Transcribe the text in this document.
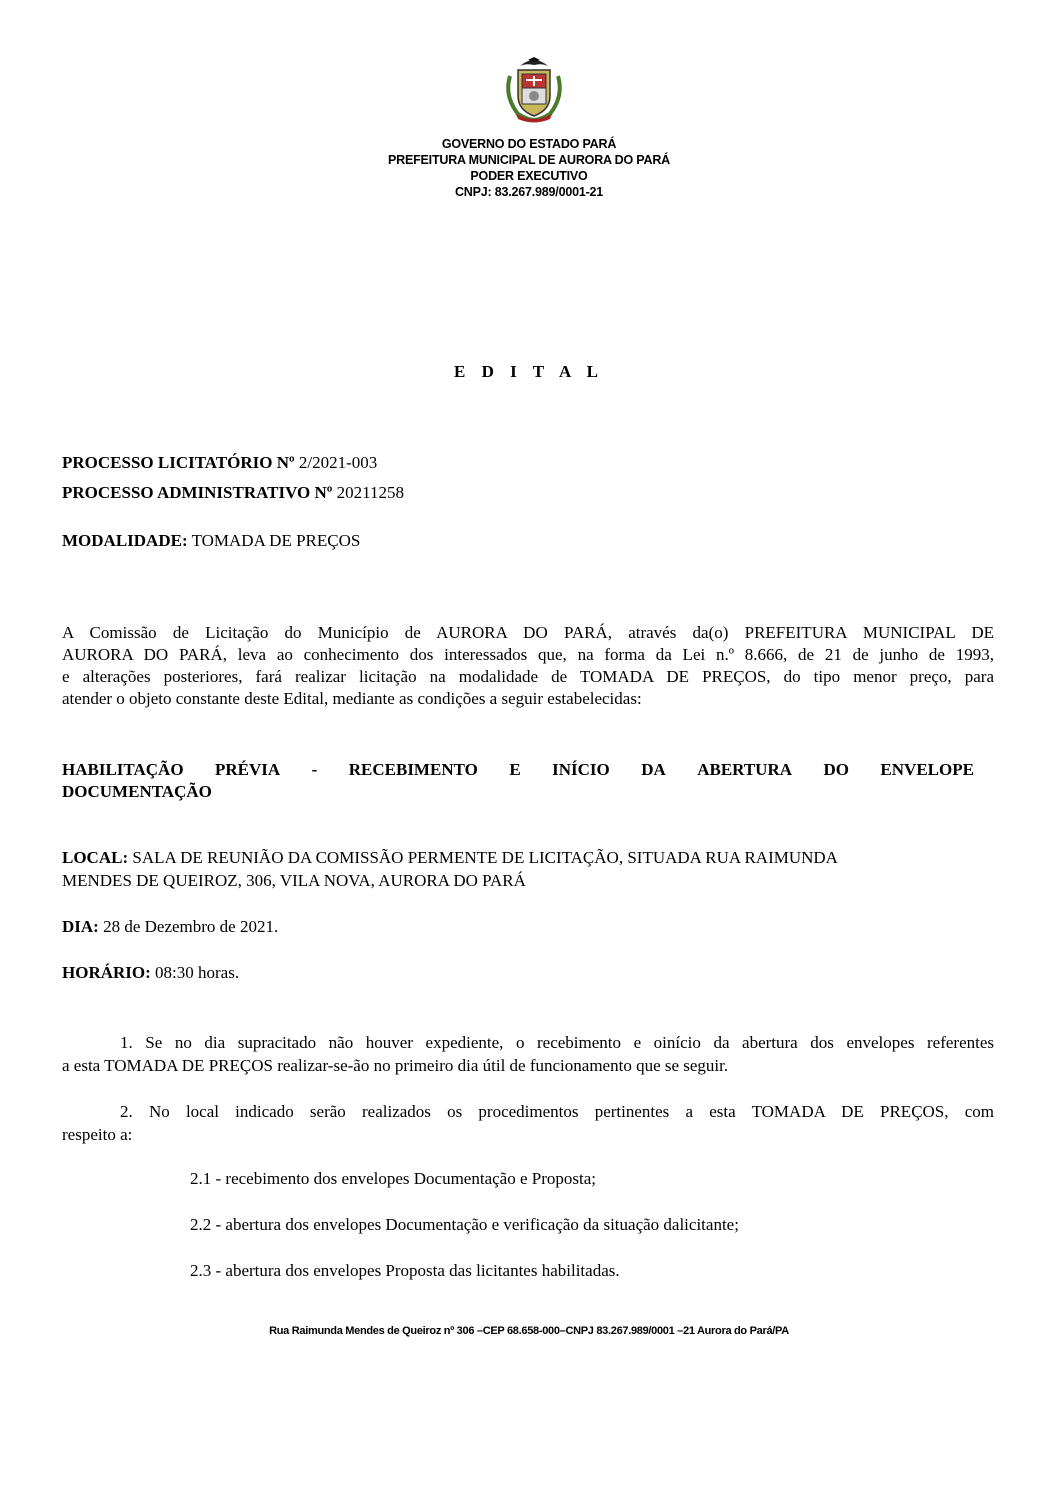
GOVERNO DO ESTADO PARÁ
PREFEITURA MUNICIPAL DE AURORA DO PARÁ
PODER EXECUTIVO
CNPJ: 83.267.989/0001-21
E D I T A L
PROCESSO LICITATÓRIO Nº 2/2021-003
PROCESSO ADMINISTRATIVO Nº 20211258
MODALIDADE: TOMADA DE PREÇOS
A Comissão de Licitação do Município de AURORA DO PARÁ, através da(o) PREFEITURA MUNICIPAL DE
AURORA DO PARÁ, leva ao conhecimento dos interessados que, na forma da Lei n.º 8.666, de 21 de junho de 1993,
e alterações posteriores, fará realizar licitação na modalidade de TOMADA DE PREÇOS, do tipo menor preço, para
atender o objeto constante deste Edital, mediante as condições a seguir estabelecidas:
HABILITAÇÃO PRÉVIA - RECEBIMENTO E INÍCIO DA ABERTURA DO ENVELOPE
DOCUMENTAÇÃO
LOCAL: SALA DE REUNIÃO DA COMISSÃO PERMENTE DE LICITAÇÃO, SITUADA RUA RAIMUNDA
MENDES DE QUEIROZ, 306, VILA NOVA, AURORA DO PARÁ
DIA: 28 de Dezembro de 2021.
HORÁRIO: 08:30 horas.
1. Se no dia supracitado não houver expediente, o recebimento e oinício da abertura dos envelopes referentes
a esta TOMADA DE PREÇOS realizar-se-ão no primeiro dia útil de funcionamento que se seguir.
2. No local indicado serão realizados os procedimentos pertinentes a esta TOMADA DE PREÇOS, com
respeito a:
2.1 - recebimento dos envelopes Documentação e Proposta;
2.2 - abertura dos envelopes Documentação e verificação da situação dalicitante;
2.3 - abertura dos envelopes Proposta das licitantes habilitadas.
Rua Raimunda Mendes de Queiroz nº 306 –CEP 68.658-000–CNPJ 83.267.989/0001 –21 Aurora do Pará/PA
